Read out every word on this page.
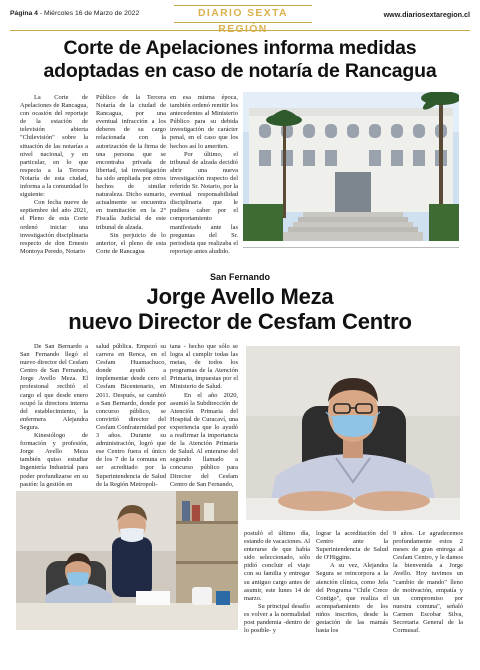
Página 4 - Miércoles 16 de Marzo de 2022	DIARIO SEXTA REGIÓN
www.diariosextaregion.cl
Corte de Apelaciones informa medidas
adoptadas en caso de notaría de Rancagua

La Corte de Apelaciones de Rancagua, con ocasión del reportaje de la estación de televisión abierta "Chilevisión" sobre la situación de las notarías a nivel nacional, y en particular, en lo que respecta a la Tercera Notaría de esta ciudad, informa a la comunidad lo siguiente:

Con fecha nueve de septiembre del año 2021, el Pleno de esta Corte ordenó iniciar una investigación disciplinaria respecto de don Ernesto Montoya Peredo, Notario

Público de la Tercera Notaría de la ciudad de Rancagua, por una eventual infracción a los deberes de su cargo relacionada con la autorización de la firma de una persona que se encontraba privada de libertad, tal investigación ha sido ampliada por otros hechos de similar naturaleza. Dicho sumario, actualmente se encuentra en tramitación en la 2° Fiscalía Judicial de este tribunal de alzada.

Sin perjuicio de lo anterior, el pleno de esta Corte de Rancagua

en esa misma época, también ordenó remitir los antecedentes al Ministerio Público para su debida investigación de carácter penal, en el caso que los hechos así lo ameriten.

Por último, el tribunal de alzada decidió abrir una nueva investigación respecto del referido Sr. Notario, por la eventual responsabilidad disciplinaria que le pudiera caber por el comportamiento manifestado ante las preguntas del Sr. periodista que realizaba el reportaje antes aludido.

San Fernando
Jorge Avello Meza
nuevo Director de Cesfam Centro

De San Bernardo a San Fernando llegó el nuevo director del Cesfam Centro de San Fernando, Jorge Avello Meza. El profesional recibió el cargo el que desde enero ocupó la directora interna del establecimiento, la enfermera Alejandra Segura.

Kinesiólogo de formación y profesión, Jorge Avello Meza también quiso estudiar Ingeniería Industrial para poder profundizarse en su pasión: la gestión en

salud pública. Empezó su carrera en Renca, en el Cesfam Huamachuco, donde ayudó a implementar desde cero el Cesfam Bicentenario, en 2011. Después, se cambió a San Bernardo, donde por concurso público, se convirtió director del Cesfam Confraternidad por 3 años. Durante su administración, logró que ese Centro fuera el único de los 7 de la comuna en ser acreditado por la Superintendencia de Salud de la Región Metropoli-

tana - hecho que sólo se logra al cumplir todas las metas, de todos los programas de la Atención Primaria, impuestas por el Ministerio de Salud.

En el año 2020, asumió la Subdirección de Atención Primaria del Hospital de Curacaví, una experiencia que lo ayudó a reafirmar la importancia de la Atención Primaria de Salud. Al enterarse del segundo llamado a concurso público para Director del Cesfam Centro de San Fernando,

postuló el último día, estando de vacaciones. Al enterarse de que había sido seleccionado, sólo pidió concluir el viaje con su familia y entregar su antiguo cargo antes de asumir, este lunes 14 de marzo.

Su principal desafío es volver a la normalidad post pandemia -dentro de lo posible- y

lograr la acreditación del Centro ante la Superintendencia de Salud de O'Higgins.

A su vez, Alejandra Segura se reincorpora a la atención clínica, como Jefa del Programa "Chile Crece Contigo", que realiza el acompañamiento de los niños inscritos, desde la gestación de las mamás hasta los

9 años. Le agradecemos profundamente estos 2 meses de gran entrega al Cesfam Centro, y le damos la bienvenida a Jorge Avello. Hoy tuvimos un "cambio de mando" lleno de motivación, empatía y un compromiso por nuestra comuna", señaló Carmen Escobar Silva, Secretaria General de la Cormusaf.
